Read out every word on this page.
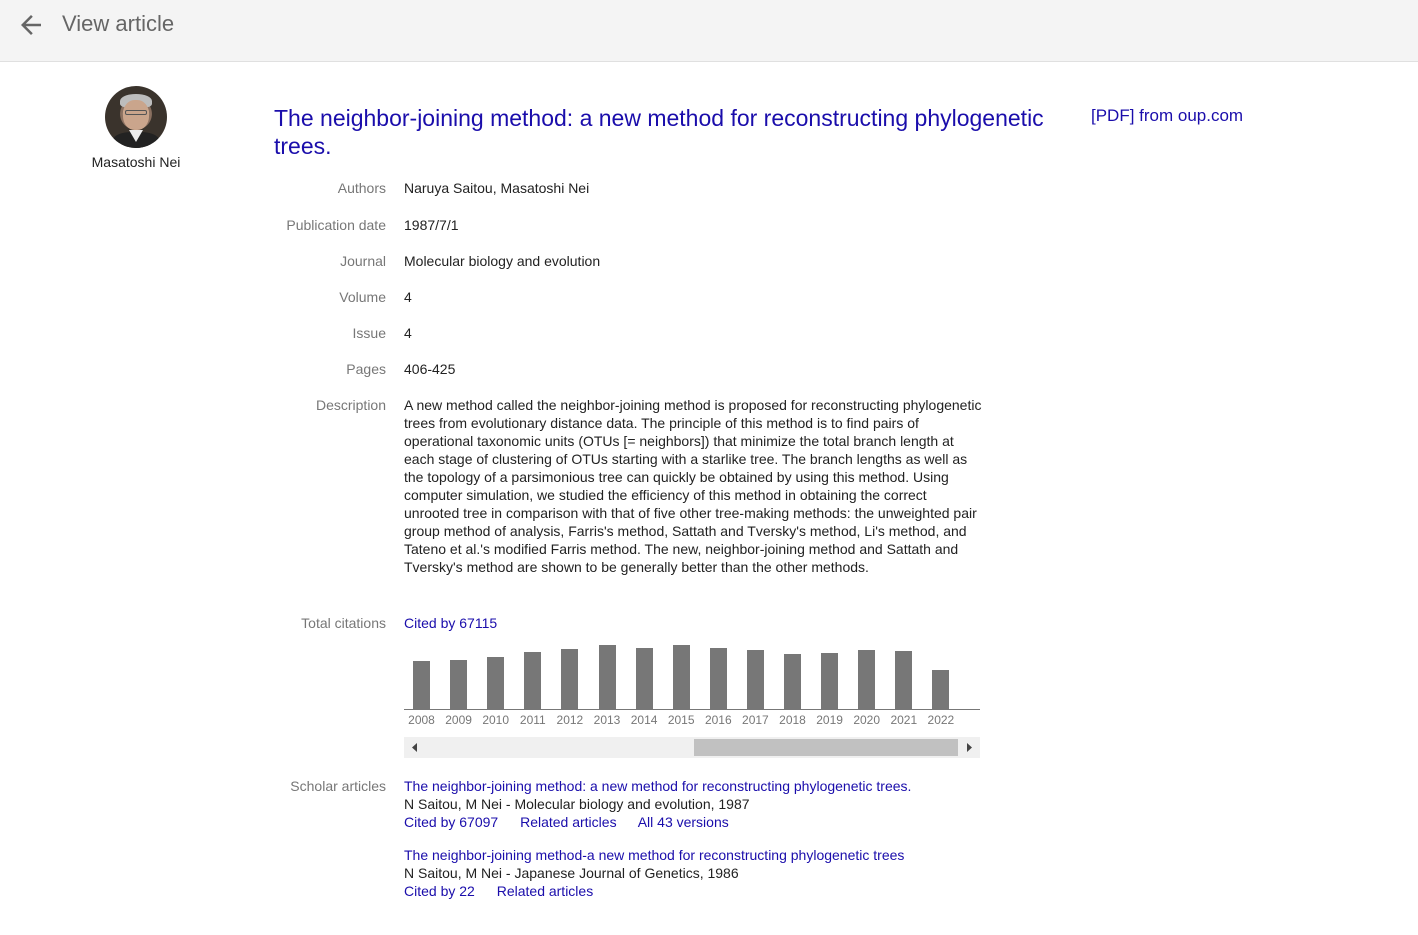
View article
Masatoshi Nei
The neighbor-joining method: a new method for reconstructing phylogenetic trees.
[PDF] from oup.com
Authors Naruya Saitou, Masatoshi Nei
Publication date 1987/7/1
Journal Molecular biology and evolution
Volume 4
Issue 4
Pages 406-425
Description A new method called the neighbor-joining method is proposed for reconstructing phylogenetic trees from evolutionary distance data. The principle of this method is to find pairs of operational taxonomic units (OTUs [= neighbors]) that minimize the total branch length at each stage of clustering of OTUs starting with a starlike tree. The branch lengths as well as the topology of a parsimonious tree can quickly be obtained by using this method. Using computer simulation, we studied the efficiency of this method in obtaining the correct unrooted tree in comparison with that of five other tree-making methods: the unweighted pair group method of analysis, Farris's method, Sattath and Tversky's method, Li's method, and Tateno et al.'s modified Farris method. The new, neighbor-joining method and Sattath and Tversky's method are shown to be generally better than the other methods.
Total citations Cited by 67115
2008 2009 2010 2011 2012 2013 2014 2015 2016 2017 2018 2019 2020 2021 2022
Scholar articles The neighbor-joining method: a new method for reconstructing phylogenetic trees.
N Saitou, M Nei - Molecular biology and evolution, 1987
Cited by 67097 Related articles All 43 versions
The neighbor-joining method-a new method for reconstructing phylogenetic trees
N Saitou, M Nei - Japanese Journal of Genetics, 1986
Cited by 22 Related articles
